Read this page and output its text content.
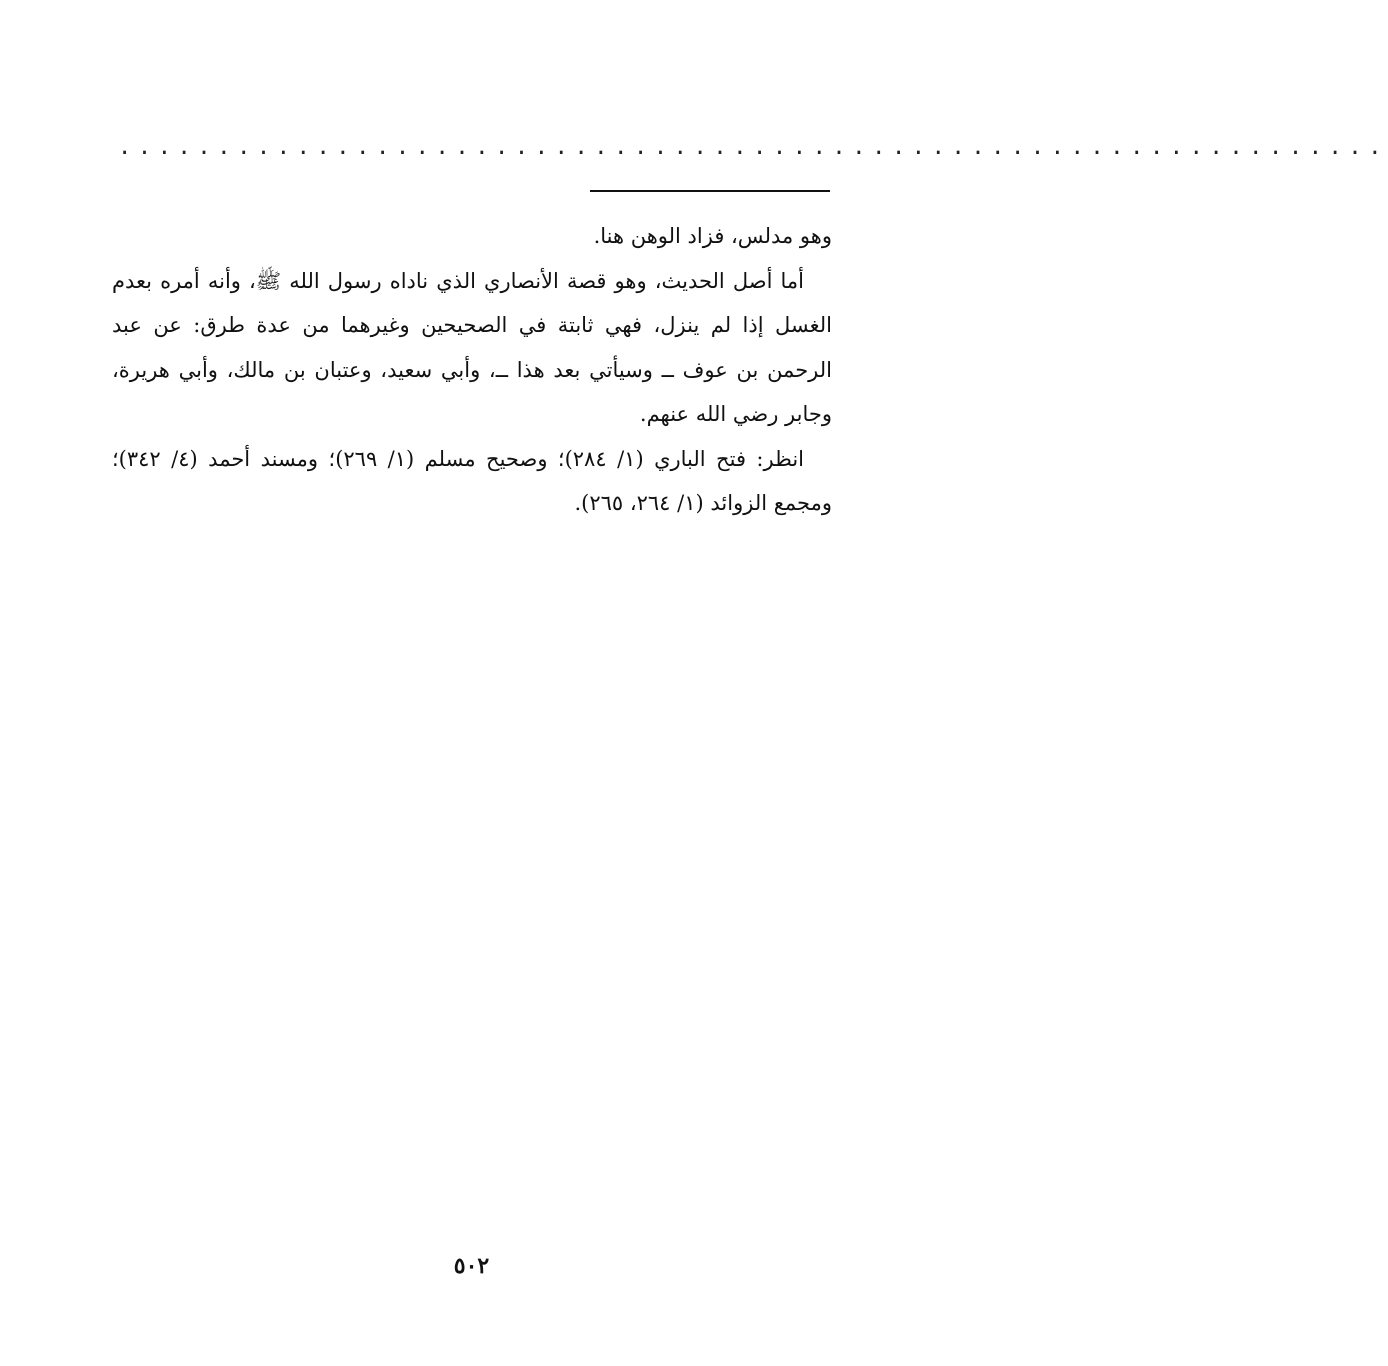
................................................................

وهو مدلس، فزاد الوهن هنا.

أما أصل الحديث، وهو قصة الأنصاري الذي ناداه رسول الله ﷺ، وأنه أمره بعدم الغسل إذا لم ينزل، فهي ثابتة في الصحيحين وغيرهما من عدة طرق: عن عبد الرحمن بن عوف ــ وسيأتي بعد هذا ــ، وأبي سعيد، وعتبان بن مالك، وأبي هريرة، وجابر رضي الله عنهم.

انظر: فتح الباري (١/ ٢٨٤)؛ وصحيح مسلم (١/ ٢٦٩)؛ ومسند أحمد (٤/ ٣٤٢)؛ ومجمع الزوائد (١/ ٢٦٤، ٢٦٥).

٥٠٢
